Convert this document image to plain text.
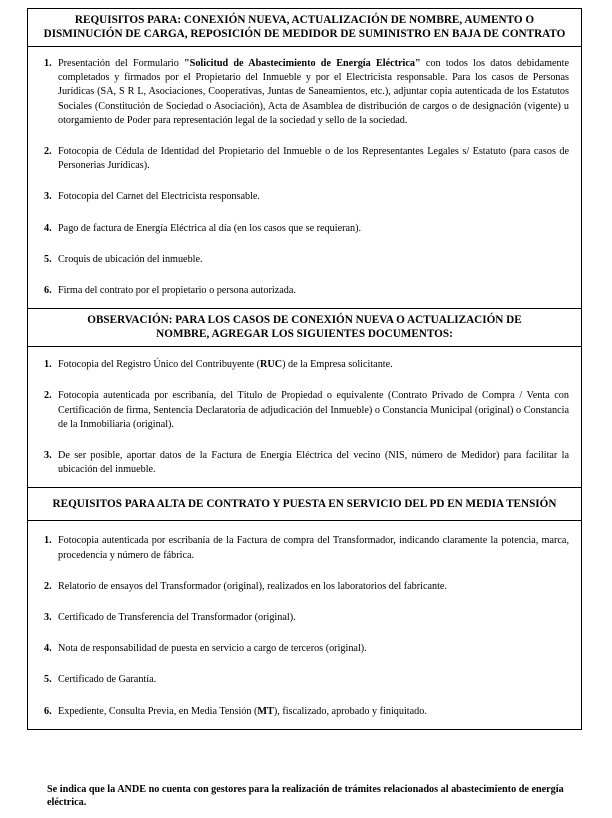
REQUISITOS PARA: CONEXIÓN NUEVA, ACTUALIZACIÓN DE NOMBRE, AUMENTO O DISMINUCIÓN DE CARGA, REPOSICIÓN DE MEDIDOR DE SUMINISTRO EN BAJA DE CONTRATO
1. Presentación del Formulario "Solicitud de Abastecimiento de Energía Eléctrica" con todos los datos debidamente completados y firmados por el Propietario del Inmueble y por el Electricista responsable. Para los casos de Personas Jurídicas (SA, S R L, Asociaciones, Cooperativas, Juntas de Saneamientos, etc.), adjuntar copia autenticada de los Estatutos Sociales (Constitución de Sociedad o Asociación), Acta de Asamblea de distribución de cargos o de designación (vigente) u otorgamiento de Poder para representación legal de la sociedad y sello de la sociedad.
2. Fotocopia de Cédula de Identidad del Propietario del Inmueble o de los Representantes Legales s/ Estatuto (para casos de Personerias Jurídicas).
3. Fotocopia del Carnet del Electricista responsable.
4. Pago de factura de Energía Eléctrica al día (en los casos que se requieran).
5. Croquis de ubicación del inmueble.
6. Firma del contrato por el propietario o persona autorizada.
OBSERVACIÓN: PARA LOS CASOS DE CONEXIÓN NUEVA O ACTUALIZACIÓN DE NOMBRE, AGREGAR LOS SIGUIENTES DOCUMENTOS:
1. Fotocopia del Registro Único del Contribuyente (RUC) de la Empresa solicitante.
2. Fotocopia autenticada por escribanía, del Título de Propiedad o equivalente (Contrato Privado de Compra / Venta con Certificación de firma, Sentencia Declaratoria de adjudicación del Inmueble) o Constancia Municipal (original) o Constancia de la Inmobiliaria (original).
3. De ser posible, aportar datos de la Factura de Energía Eléctrica del vecino (NIS, número de Medidor) para facilitar la ubicación del inmueble.
REQUISITOS PARA ALTA DE CONTRATO Y PUESTA EN SERVICIO DEL PD EN MEDIA TENSIÓN
1. Fotocopia autenticada por escribanía de la Factura de compra del Transformador, indicando claramente la potencia, marca, procedencia y número de fábrica.
2. Relatorio de ensayos del Transformador (original), realizados en los laboratorios del fabricante.
3. Certificado de Transferencia del Transformador (original).
4. Nota de responsabilidad de puesta en servicio a cargo de terceros (original).
5. Certificado de Garantía.
6. Expediente, Consulta Previa, en Media Tensión (MT), fiscalizado, aprobado y finiquitado.
Se indica que la ANDE no cuenta con gestores para la realización de trámites relacionados al abastecimiento de energía eléctrica.
